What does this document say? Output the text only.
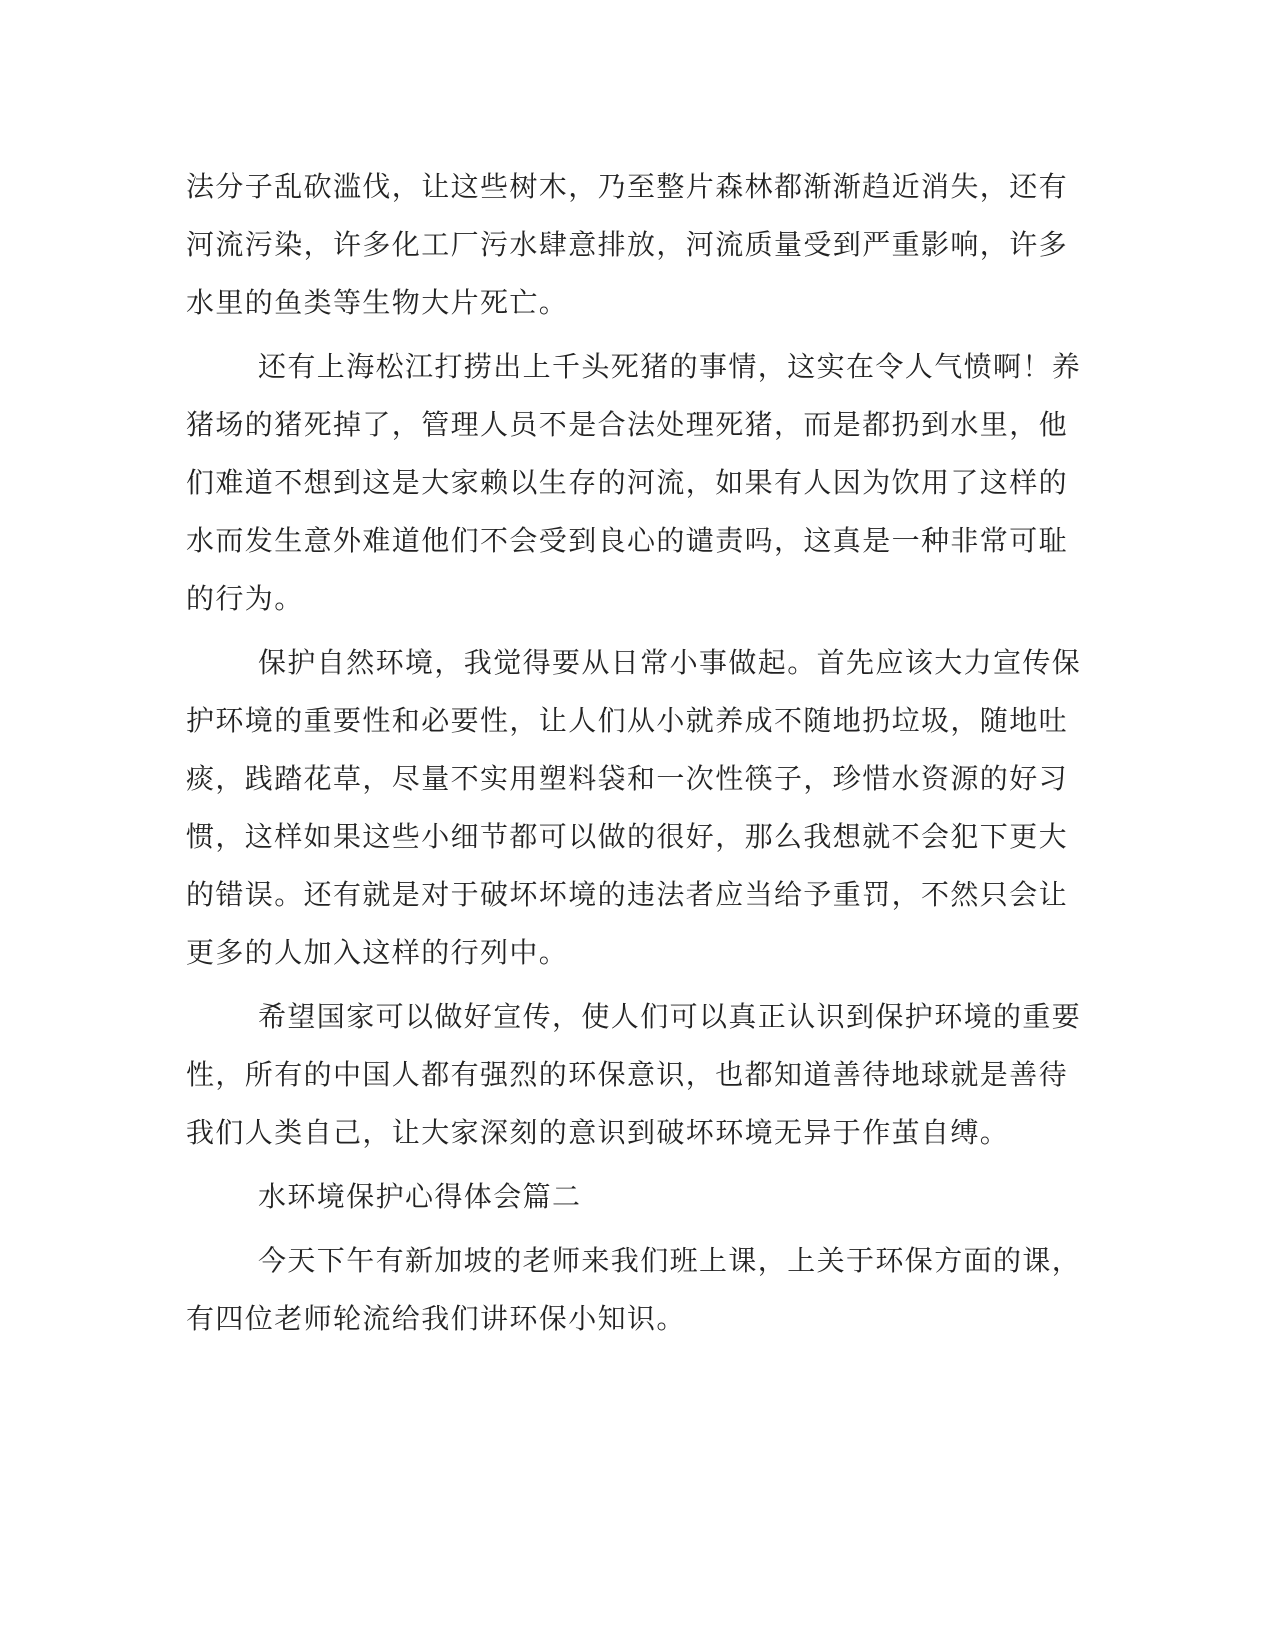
法分子乱砍滥伐，让这些树木，乃至整片森林都渐渐趋近消失，还有
河流污染，许多化工厂污水肆意排放，河流质量受到严重影响，许多
水里的鱼类等生物大片死亡。
还有上海松江打捞出上千头死猪的事情，这实在令人气愤啊！养
猪场的猪死掉了，管理人员不是合法处理死猪，而是都扔到水里，他
们难道不想到这是大家赖以生存的河流，如果有人因为饮用了这样的
水而发生意外难道他们不会受到良心的谴责吗，这真是一种非常可耻
的行为。
保护自然环境，我觉得要从日常小事做起。首先应该大力宣传保
护环境的重要性和必要性，让人们从小就养成不随地扔垃圾，随地吐
痰，践踏花草，尽量不实用塑料袋和一次性筷子，珍惜水资源的好习
惯，这样如果这些小细节都可以做的很好，那么我想就不会犯下更大
的错误。还有就是对于破坏坏境的违法者应当给予重罚，不然只会让
更多的人加入这样的行列中。
希望国家可以做好宣传，使人们可以真正认识到保护环境的重要
性，所有的中国人都有强烈的环保意识，也都知道善待地球就是善待
我们人类自己，让大家深刻的意识到破坏环境无异于作茧自缚。
水环境保护心得体会篇二
今天下午有新加坡的老师来我们班上课，上关于环保方面的课，
有四位老师轮流给我们讲环保小知识。
